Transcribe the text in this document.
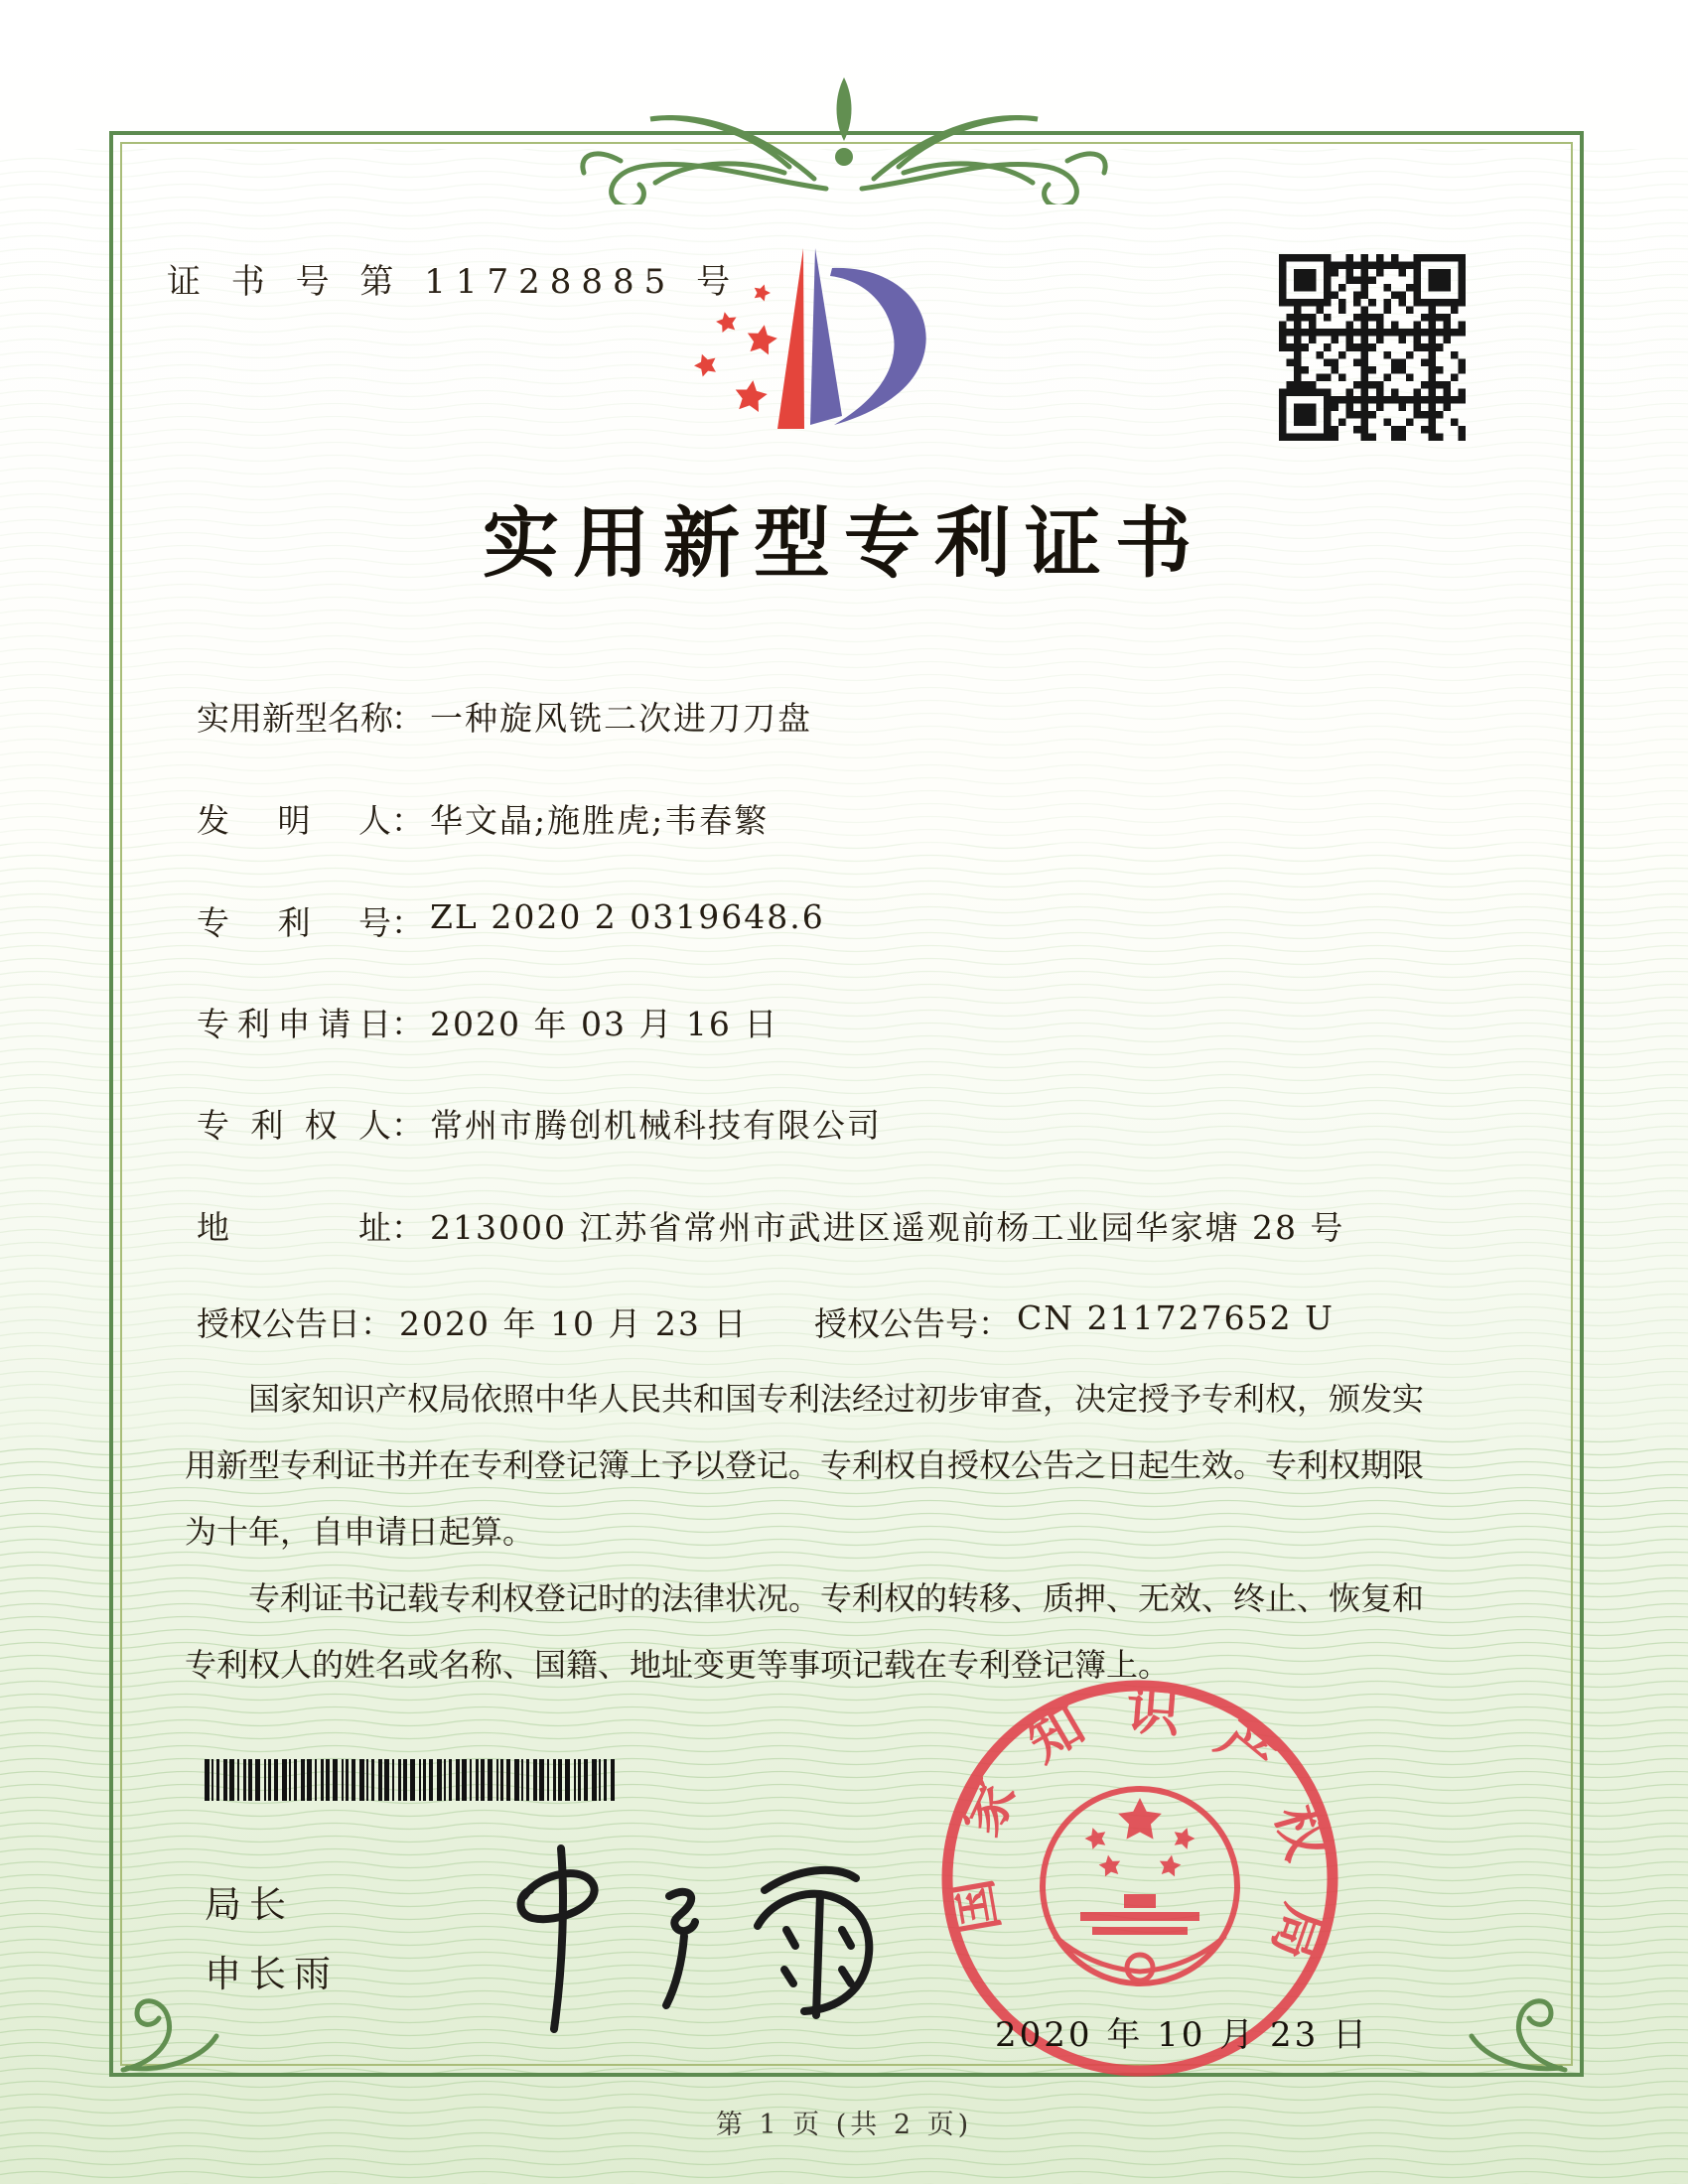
证 书 号 第 11728885 号
实用新型专利证书
实用新型名称： 一种旋风铣二次进刀刀盘
发　明　人： 华文晶;施胜虎;韦春繁
专　利　号： ZL 2020 2 0319648.6
专利申请日： 2020 年 03 月 16 日
专 利 权 人： 常州市腾创机械科技有限公司
地　　　址： 213000 江苏省常州市武进区遥观前杨工业园华家塘 28 号
授权公告日： 2020 年 10 月 23 日 授权公告号： CN 211727652 U

国家知识产权局依照中华人民共和国专利法经过初步审查，决定授予专利权，颁发实用新型专利证书并在专利登记簿上予以登记。专利权自授权公告之日起生效。专利权期限为十年，自申请日起算。

专利证书记载专利权登记时的法律状况。专利权的转移、质押、无效、终止、恢复和专利权人的姓名或名称、国籍、地址变更等事项记载在专利登记簿上。

局长
申长雨
国家知识产权局
2020 年 10 月 23 日
第 1 页 (共 2 页)
